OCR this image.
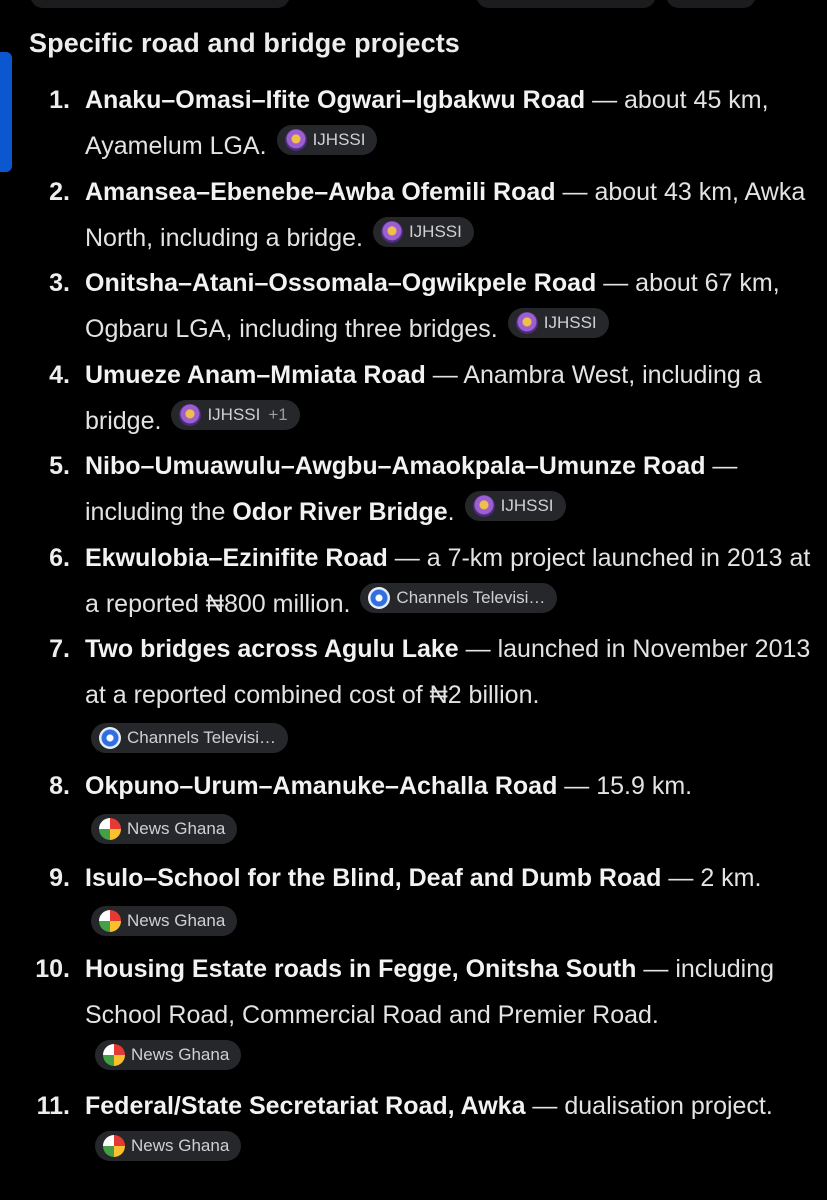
Specific road and bridge projects
1. Anaku–Omasi–Ifite Ogwari–Igbakwu Road — about 45 km, Ayamelum LGA.	IJHSSI

2. Amansea–Ebenebe–Awba Ofemili Road — about 43 km, Awka North, including a bridge.	IJHSSI

3. Onitsha–Atani–Ossomala–Ogwikpele Road — about 67 km, Ogbaru LGA, including three bridges.	IJHSSI

4. Umueze Anam–Mmiata Road — Anambra West, including a bridge.	IJHSSI +1

5. Nibo–Umuawulu–Awgbu–Amaokpala–Umunze Road — including the Odor River Bridge.	IJHSSI

6. Ekwulobia–Ezinifite Road — a 7-km project launched in 2013 at a reported ₦800 million.	Channels Televisi…

7. Two bridges across Agulu Lake — launched in November 2013 at a reported combined cost of ₦2 billion.

Channels Televisi…

8. Okpuno–Urum–Amanuke–Achalla Road — 15.9 km.

News Ghana

9. Isulo–School for the Blind, Deaf and Dumb Road — 2 km.

News Ghana

10. Housing Estate roads in Fegge, Onitsha South — including School Road, Commercial Road and Premier Road.
News Ghana

11. Federal/State Secretariat Road, Awka — dualisation project.
News Ghana
